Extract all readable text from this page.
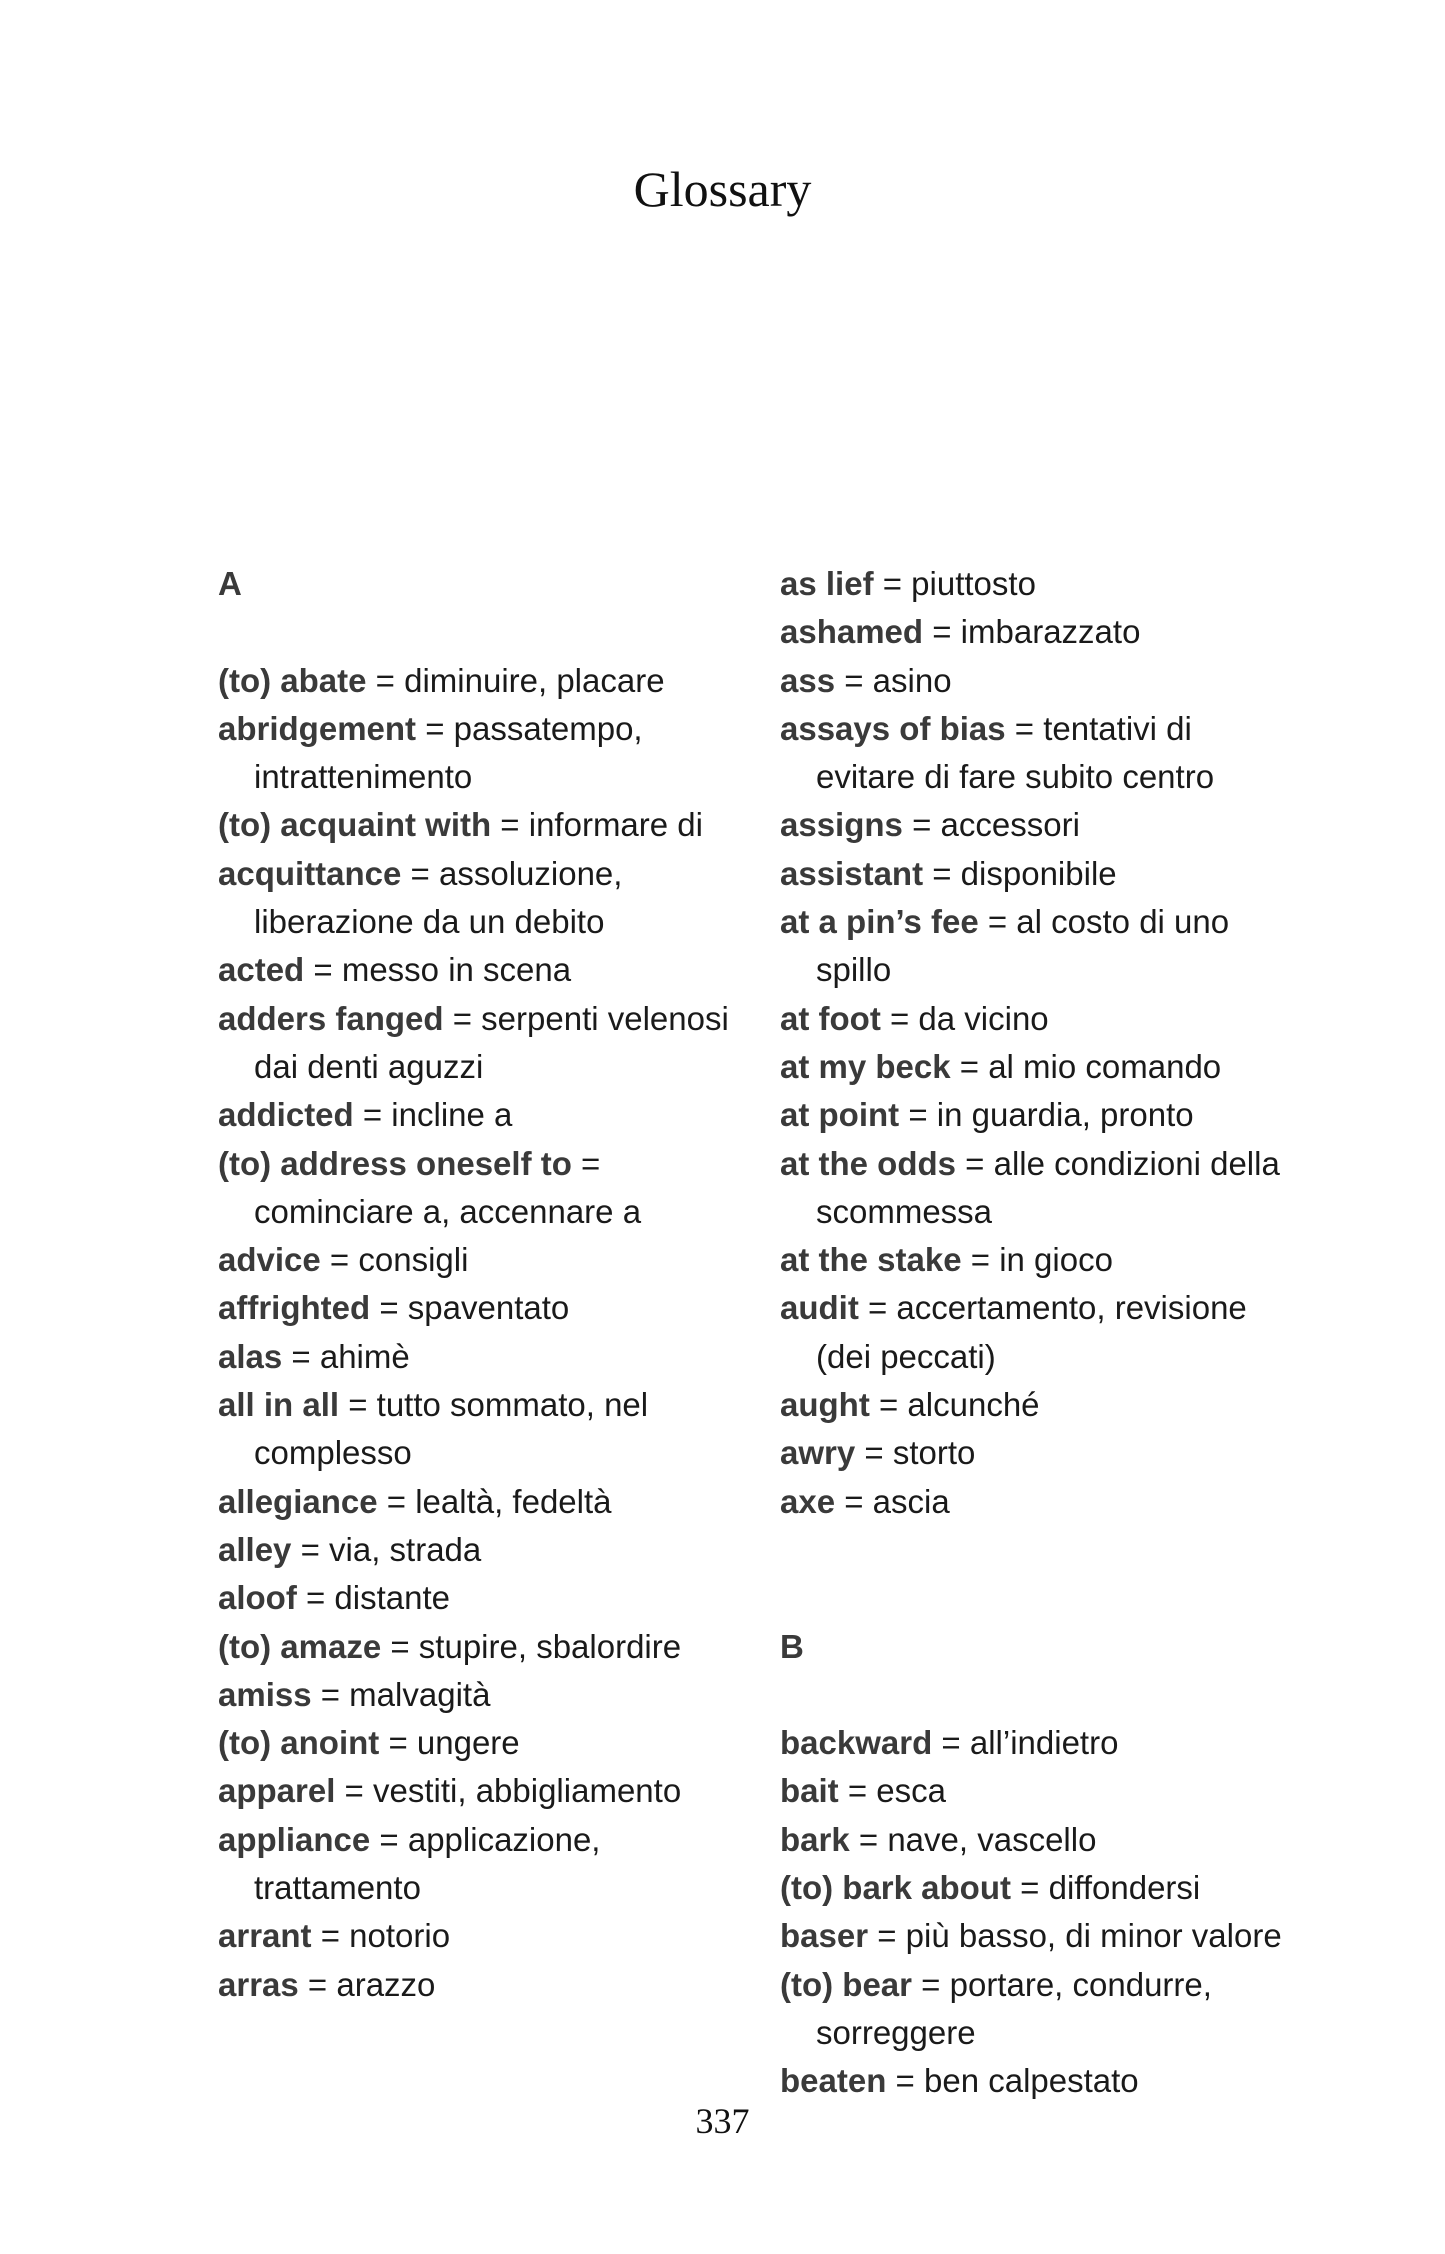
Glossary
A
(to) abate = diminuire, placare
abridgement = passatempo, intrattenimento
(to) acquaint with = informare di
acquittance = assoluzione, liberazione da un debito
acted = messo in scena
adders fanged = serpenti velenosi dai denti aguzzi
addicted = incline a
(to) address oneself to = cominciare a, accennare a
advice = consigli
affrighted = spaventato
alas = ahimè
all in all = tutto sommato, nel complesso
allegiance = lealtà, fedeltà
alley = via, strada
aloof = distante
(to) amaze = stupire, sbalordire
amiss = malvagità
(to) anoint = ungere
apparel = vestiti, abbigliamento
appliance = applicazione, trattamento
arrant = notorio
arras = arazzo
as lief = piuttosto
ashamed = imbarazzato
ass = asino
assays of bias = tentativi di evitare di fare subito centro
assigns = accessori
assistant = disponibile
at a pin’s fee = al costo di uno spillo
at foot = da vicino
at my beck = al mio comando
at point = in guardia, pronto
at the odds = alle condizioni della scommessa
at the stake = in gioco
audit = accertamento, revisione (dei peccati)
aught = alcunché
awry = storto
axe = ascia
B
backward = all’indietro
bait = esca
bark = nave, vascello
(to) bark about = diffondersi
baser = più basso, di minor valore
(to) bear = portare, condurre, sorreggere
beaten = ben calpestato
337
